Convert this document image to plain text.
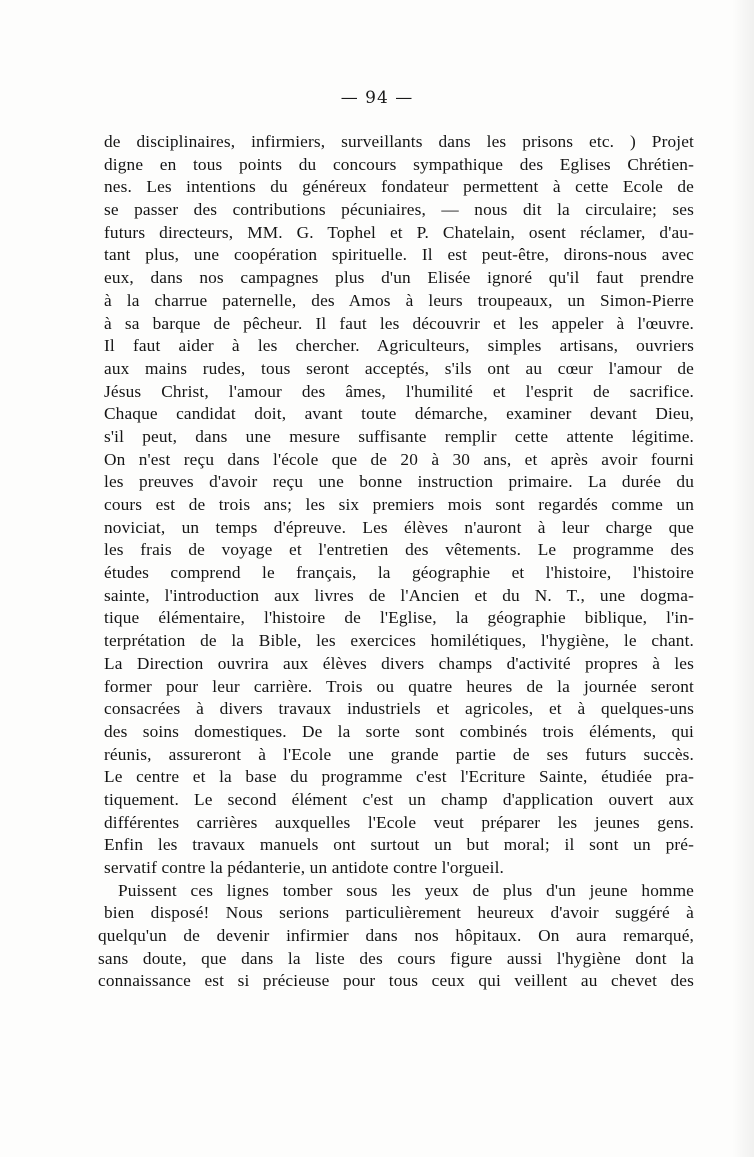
— 94 —
de disciplinaires, infirmiers, surveillants dans les prisons etc. ) Projet
digne en tous points du concours sympathique des Eglises Chrétien-
nes. Les intentions du généreux fondateur permettent à cette Ecole de
se passer des contributions pécuniaires, — nous dit la circulaire; ses
futurs directeurs, MM. G. Tophel et P. Chatelain, osent réclamer, d'au-
tant plus, une coopération spirituelle. Il est peut-être, dirons-nous avec
eux, dans nos campagnes plus d'un Elisée ignoré qu'il faut prendre
à la charrue paternelle, des Amos à leurs troupeaux, un Simon-Pierre
à sa barque de pêcheur. Il faut les découvrir et les appeler à l'œuvre.
Il faut aider à les chercher. Agriculteurs, simples artisans, ouvriers
aux mains rudes, tous seront acceptés, s'ils ont au cœur l'amour de
Jésus Christ, l'amour des âmes, l'humilité et l'esprit de sacrifice.
Chaque candidat doit, avant toute démarche, examiner devant Dieu,
s'il peut, dans une mesure suffisante remplir cette attente légitime.
On n'est reçu dans l'école que de 20 à 30 ans, et après avoir fourni
les preuves d'avoir reçu une bonne instruction primaire. La durée du
cours est de trois ans; les six premiers mois sont regardés comme un
noviciat, un temps d'épreuve. Les élèves n'auront à leur charge que
les frais de voyage et l'entretien des vêtements. Le programme des
études comprend le français, la géographie et l'histoire, l'histoire
sainte, l'introduction aux livres de l'Ancien et du N. T., une dogma-
tique élémentaire, l'histoire de l'Eglise, la géographie biblique, l'in-
terprétation de la Bible, les exercices homilétiques, l'hygiène, le chant.
La Direction ouvrira aux élèves divers champs d'activité propres à les
former pour leur carrière. Trois ou quatre heures de la journée seront
consacrées à divers travaux industriels et agricoles, et à quelques-uns
des soins domestiques. De la sorte sont combinés trois éléments, qui
réunis, assureront à l'Ecole une grande partie de ses futurs succès.
Le centre et la base du programme c'est l'Ecriture Sainte, étudiée pra-
tiquement. Le second élément c'est un champ d'application ouvert aux
différentes carrières auxquelles l'Ecole veut préparer les jeunes gens.
Enfin les travaux manuels ont surtout un but moral; il sont un pré-
servatif contre la pédanterie, un antidote contre l'orgueil.
Puissent ces lignes tomber sous les yeux de plus d'un jeune homme
bien disposé! Nous serions particulièrement heureux d'avoir suggéré à
quelqu'un de devenir infirmier dans nos hôpitaux. On aura remarqué,
sans doute, que dans la liste des cours figure aussi l'hygiène dont la
connaissance est si précieuse pour tous ceux qui veillent au chevet des
